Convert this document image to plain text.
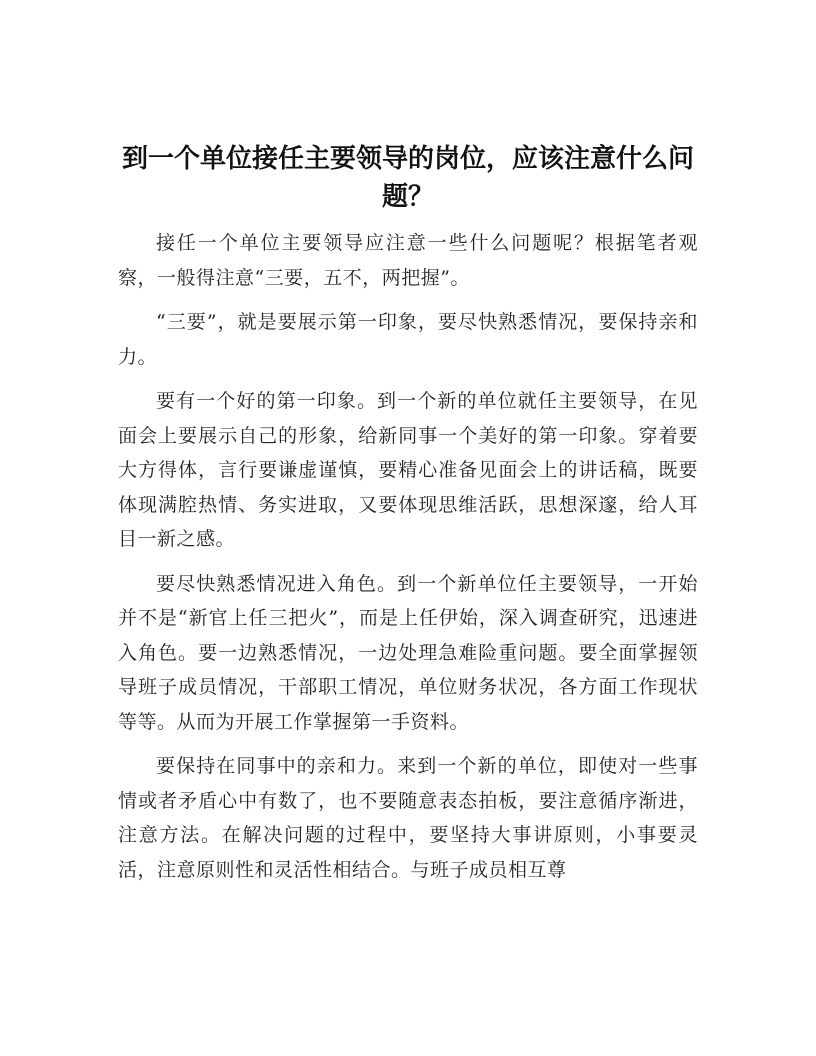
到一个单位接任主要领导的岗位，应该注意什么问题？

接任一个单位主要领导应注意一些什么问题呢？根据笔者观察，一般得注意“三要，五不，两把握”。

“三要”，就是要展示第一印象，要尽快熟悉情况，要保持亲和力。

要有一个好的第一印象。到一个新的单位就任主要领导，在见面会上要展示自己的形象，给新同事一个美好的第一印象。穿着要大方得体，言行要谦虚谨慎，要精心准备见面会上的讲话稿，既要体现满腔热情、务实进取，又要体现思维活跃，思想深邃，给人耳目一新之感。

要尽快熟悉情况进入角色。到一个新单位任主要领导，一开始并不是“新官上任三把火”，而是上任伊始，深入调查研究，迅速进入角色。要一边熟悉情况，一边处理急难险重问题。要全面掌握领导班子成员情况，干部职工情况，单位财务状况，各方面工作现状等等。从而为开展工作掌握第一手资料。

要保持在同事中的亲和力。来到一个新的单位，即使对一些事情或者矛盾心中有数了，也不要随意表态拍板，要注意循序渐进，注意方法。在解决问题的过程中，要坚持大事讲原则，小事要灵活，注意原则性和灵活性相结合。与班子成员相互尊
